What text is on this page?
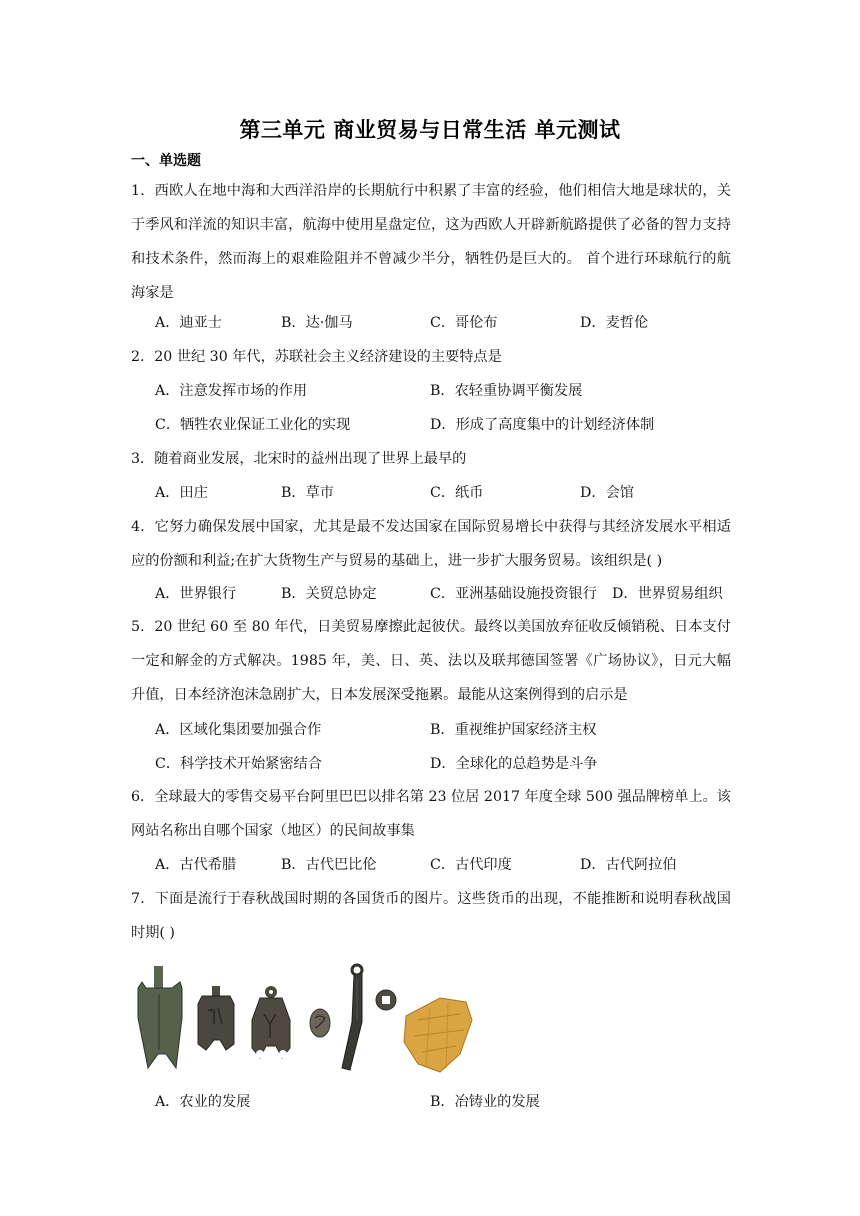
第三单元 商业贸易与日常生活 单元测试
一、单选题

1．西欧人在地中海和大西洋沿岸的长期航行中积累了丰富的经验，他们相信大地是球状的，关于季风和洋流的知识丰富，航海中使用星盘定位，这为西欧人开辟新航路提供了必备的智力支持和技术条件，然而海上的艰难险阻并不曾减少半分，牺牲仍是巨大的。 首个进行环球航行的航海家是

A．迪亚士	B．达·伽马	C．哥伦布	D．麦哲伦

2．20 世纪 30 年代，苏联社会主义经济建设的主要特点是

A．注意发挥市场的作用	B．农轻重协调平衡发展
C．牺牲农业保证工业化的实现	D．形成了高度集中的计划经济体制

3．随着商业发展，北宋时的益州出现了世界上最早的

A．田庄	B．草市	C．纸币	D．会馆

4．它努力确保发展中国家，尤其是最不发达国家在国际贸易增长中获得与其经济发展水平相适应的份额和利益;在扩大货物生产与贸易的基础上，进一步扩大服务贸易。该组织是( )

A．世界银行	B．关贸总协定	C．亚洲基础设施投资银行 D．世界贸易组织

5．20 世纪 60 至 80 年代，日美贸易摩擦此起彼伏。最终以美国放弃征收反倾销税、日本支付一定和解金的方式解决。1985 年，美、日、英、法以及联邦德国签署《广场协议》，日元大幅升值，日本经济泡沫急剧扩大，日本发展深受拖累。最能从这案例得到的启示是

A．区域化集团要加强合作	B．重视维护国家经济主权
C．科学技术开始紧密结合	D．全球化的总趋势是斗争

6．全球最大的零售交易平台阿里巴巴以排名第 23 位居 2017 年度全球 500 强品牌榜单上。该网站名称出自哪个国家（地区）的民间故事集

A．古代希腊	B．古代巴比伦	C．古代印度	D．古代阿拉伯

7．下面是流行于春秋战国时期的各国货币的图片。这些货币的出现，不能推断和说明春秋战国时期( )

A．农业的发展	B．冶铸业的发展
